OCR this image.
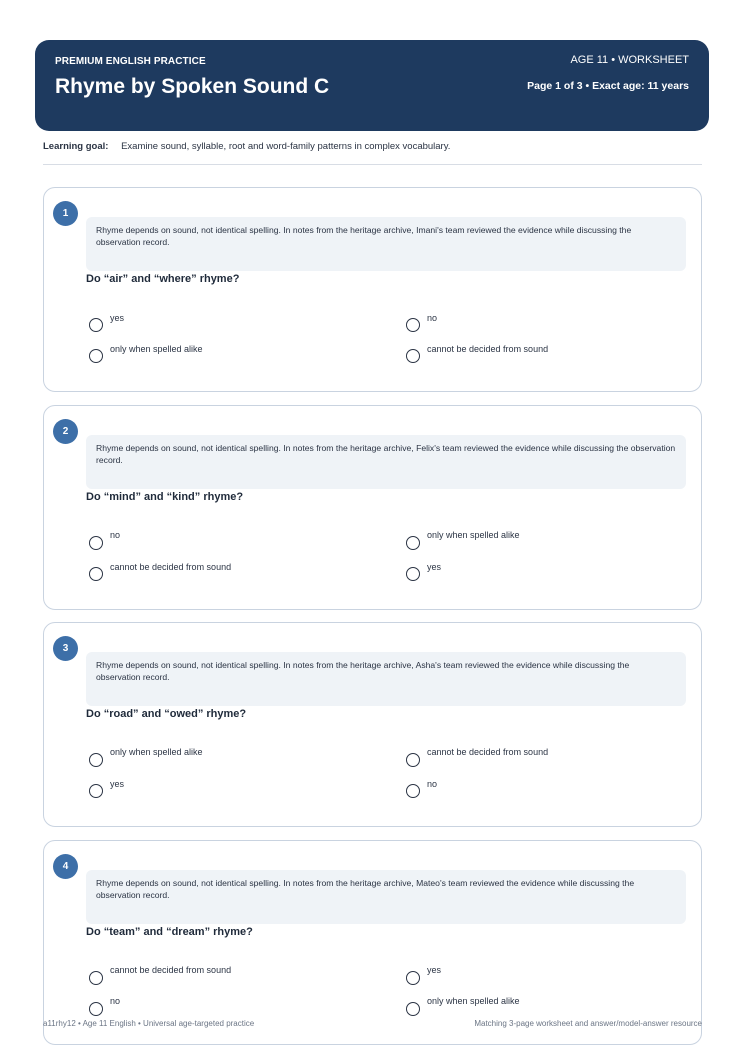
PREMIUM ENGLISH PRACTICE
Rhyme by Spoken Sound C
AGE 11 • WORKSHEET
Page 1 of 3 • Exact age: 11 years
Learning goal: Examine sound, syllable, root and word-family patterns in complex vocabulary.
1
Rhyme depends on sound, not identical spelling. In notes from the heritage archive, Imani's team reviewed the evidence while discussing the observation record.
Do “air” and “where” rhyme?
yes	no
only when spelled alike	cannot be decided from sound
2
Rhyme depends on sound, not identical spelling. In notes from the heritage archive, Felix's team reviewed the evidence while discussing the observation record.
Do “mind” and “kind” rhyme?
no	only when spelled alike
cannot be decided from sound	yes
3
Rhyme depends on sound, not identical spelling. In notes from the heritage archive, Asha's team reviewed the evidence while discussing the observation record.
Do “road” and “owed” rhyme?
only when spelled alike	cannot be decided from sound
yes	no
4
Rhyme depends on sound, not identical spelling. In notes from the heritage archive, Mateo's team reviewed the evidence while discussing the observation record.
Do “team” and “dream” rhyme?
cannot be decided from sound	yes
no	only when spelled alike
a11rhy12 • Age 11 English • Universal age-targeted practice	Matching 3-page worksheet and answer/model-answer resource
